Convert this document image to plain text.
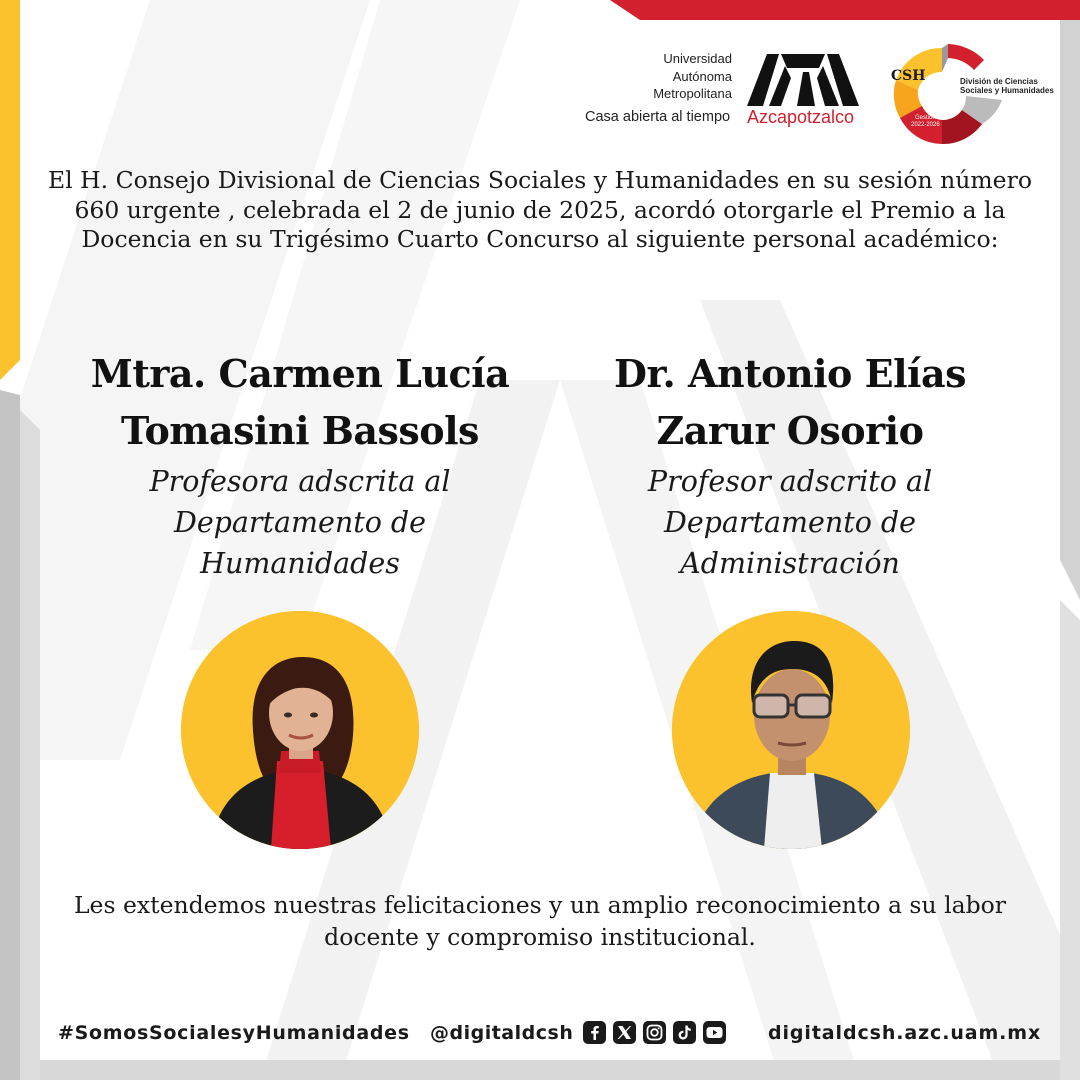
Universidad
Autónoma
Metropolitana
Casa abierta al tiempo Azcapotzalco
CSH
Gestión
2022-2026
División de Ciencias
Sociales y Humanidades
El H. Consejo Divisional de Ciencias Sociales y Humanidades en su sesión número 660 urgente , celebrada el 2 de junio de 2025, acordó otorgarle el Premio a la Docencia en su Trigésimo Cuarto Concurso al siguiente personal académico:
Mtra. Carmen Lucía
Tomasini Bassols
Profesora adscrita al
Departamento de
Humanidades
Dr. Antonio Elías
Zarur Osorio
Profesor adscrito al
Departamento de
Administración
Les extendemos nuestras felicitaciones y un amplio reconocimiento a su labor docente y compromiso institucional.
#SomosSocialesyHumanidades @digitaldcsh	digitaldcsh.azc.uam.mx
